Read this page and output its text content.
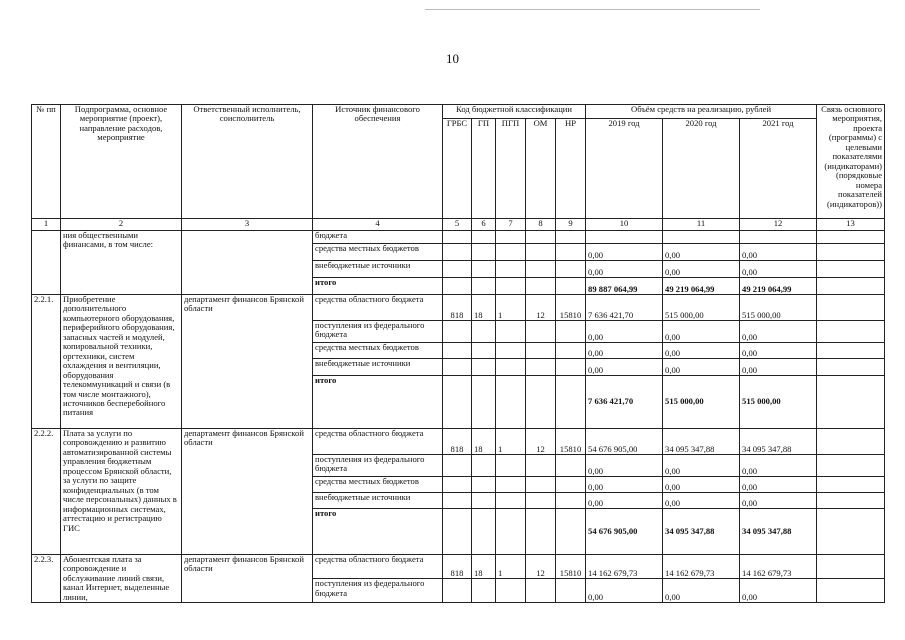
10
№ пп	Подпрограмма, основное мероприятие (проект), направление расходов, мероприятие	Ответственный исполнитель, соисполнитель	Источник финансового обеспечения	Код бюджетной классификации					Объём средств на реализацию, рублей			Связь основного мероприятия, проекта (программы) с целевыми показателями (индикаторами) (порядковые номера показателей (индикаторов))
				ГРБС	ГП	ПГП	ОМ	НР	2019 год	2020 год	2021 год	
1	2	3	4	5	6	7	8	9	10	11	12	13
	ния общественными финансами, в том числе:		бюджета									
			средства местных бюджетов						0,00	0,00	0,00	
			внебюджетные источники						0,00	0,00	0,00	
			итого						89 887 064,99	49 219 064,99	49 219 064,99	
2.2.1.	Приобретение дополнительного компьютерного оборудования, периферийного оборудования, запасных частей и модулей, копировальной техники, оргтехники, систем охлаждения и вентиляции, оборудования телекоммуникаций и связи (в том числе монтажного), источников бесперебойного питания	департамент финансов Брянской области	средства областного бюджета	818	18	1	12	15810	7 636 421,70	515 000,00	515 000,00	
			поступления из федерального бюджета						0,00	0,00	0,00	
			средства местных бюджетов						0,00	0,00	0,00	
			внебюджетные источники						0,00	0,00	0,00	
			итого						7 636 421,70	515 000,00	515 000,00	
2.2.2.	Плата за услуги по сопровождению и развитию автоматизированной системы управления бюджетным процессом Брянской области, за услуги по защите конфиденциальных (в том числе персональных) данных в информационных системах, аттестацию и регистрацию ГИС	департамент финансов Брянской области	средства областного бюджета	818	18	1	12	15810	54 676 905,00	34 095 347,88	34 095 347,88	
			поступления из федерального бюджета						0,00	0,00	0,00	
			средства местных бюджетов						0,00	0,00	0,00	
			внебюджетные источники						0,00	0,00	0,00	
			итого						54 676 905,00	34 095 347,88	34 095 347,88	
2.2.3.	Абонентская плата за сопровождение и обслуживание линий связи, канал Интернет, выделенные линии,	департамент финансов Брянской области	средства областного бюджета	818	18	1	12	15810	14 162 679,73	14 162 679,73	14 162 679,73	
			поступления из федерального бюджета						0,00	0,00	0,00	
